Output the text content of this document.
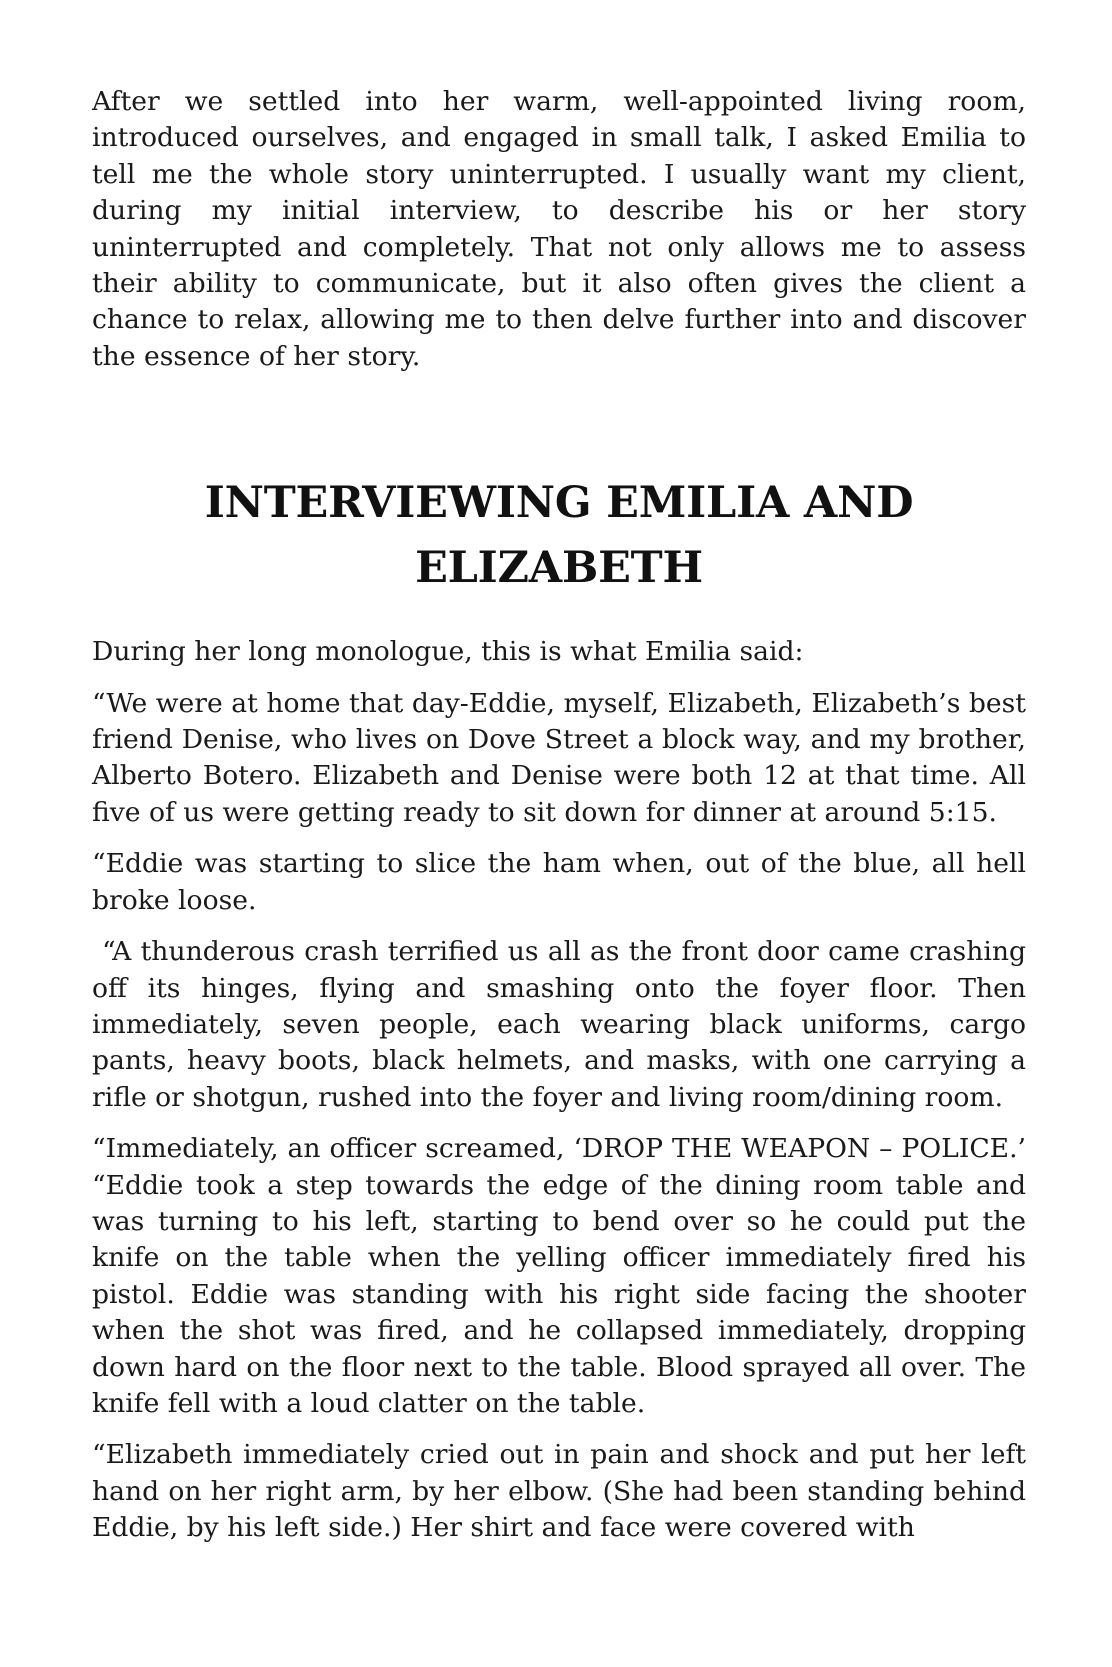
After we settled into her warm, well-appointed living room, introduced ourselves, and engaged in small talk, I asked Emilia to tell me the whole story uninterrupted. I usually want my client, during my initial interview, to describe his or her story uninterrupted and completely. That not only allows me to assess their ability to communicate, but it also often gives the client a chance to relax, allowing me to then delve further into and discover the essence of her story.

INTERVIEWING EMILIA AND ELIZABETH

During her long monologue, this is what Emilia said:

“We were at home that day-Eddie, myself, Elizabeth, Elizabeth’s best friend Denise, who lives on Dove Street a block way, and my brother, Alberto Botero. Elizabeth and Denise were both 12 at that time. All five of us were getting ready to sit down for dinner at around 5:15.

“Eddie was starting to slice the ham when, out of the blue, all hell broke loose.

“A thunderous crash terrified us all as the front door came crashing off its hinges, flying and smashing onto the foyer floor. Then immediately, seven people, each wearing black uniforms, cargo pants, heavy boots, black helmets, and masks, with one carrying a rifle or shotgun, rushed into the foyer and living room/dining room.

“Immediately, an officer screamed, ‘DROP THE WEAPON – POLICE.’ “Eddie took a step towards the edge of the dining room table and was turning to his left, starting to bend over so he could put the knife on the table when the yelling officer immediately fired his pistol. Eddie was standing with his right side facing the shooter when the shot was fired, and he collapsed immediately, dropping down hard on the floor next to the table. Blood sprayed all over. The knife fell with a loud clatter on the table.

“Elizabeth immediately cried out in pain and shock and put her left hand on her right arm, by her elbow. (She had been standing behind Eddie, by his left side.) Her shirt and face were covered with
